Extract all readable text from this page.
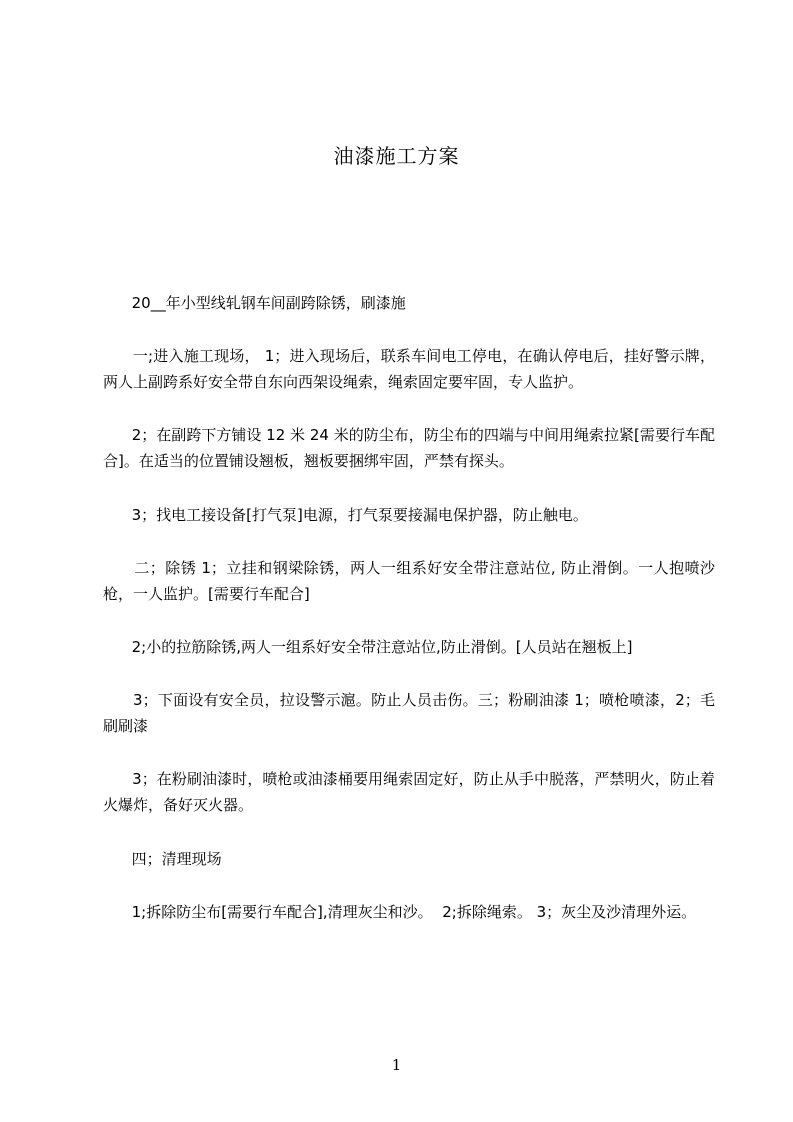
油漆施工方案
20__年小型线轧钢车间副跨除锈，刷漆施
一;进入施工现场， 1；进入现场后，联系车间电工停电，在确认停电后，挂好警示牌，两人上副跨系好安全带自东向西架设绳索，绳索固定要牢固，专人监护。
2；在副跨下方铺设 12 米 24 米的防尘布，防尘布的四端与中间用绳索拉紧[需要行车配合]。在适当的位置铺设翘板，翘板要捆绑牢固，严禁有探头。
3；找电工接设备[打气泵]电源，打气泵要接漏电保护器，防止触电。
二；除锈 1；立挂和钢梁除锈，两人一组系好安全带注意站位, 防止滑倒。一人抱喷沙枪，一人监护。[需要行车配合]
2;小的拉筋除锈,两人一组系好安全带注意站位,防止滑倒。[人员站在翘板上]
3；下面设有安全员，拉设警示滬。防止人员击伤。三；粉刷油漆 1；喷枪喷漆，2；毛刷刷漆
3；在粉刷油漆时，喷枪或油漆桶要用绳索固定好，防止从手中脱落，严禁明火，防止着火爆炸，备好灭火器。
四；清理现场
1;拆除防尘布[需要行车配合],清理灰尘和沙。  2;拆除绳索。 3；灰尘及沙清理外运。
1
